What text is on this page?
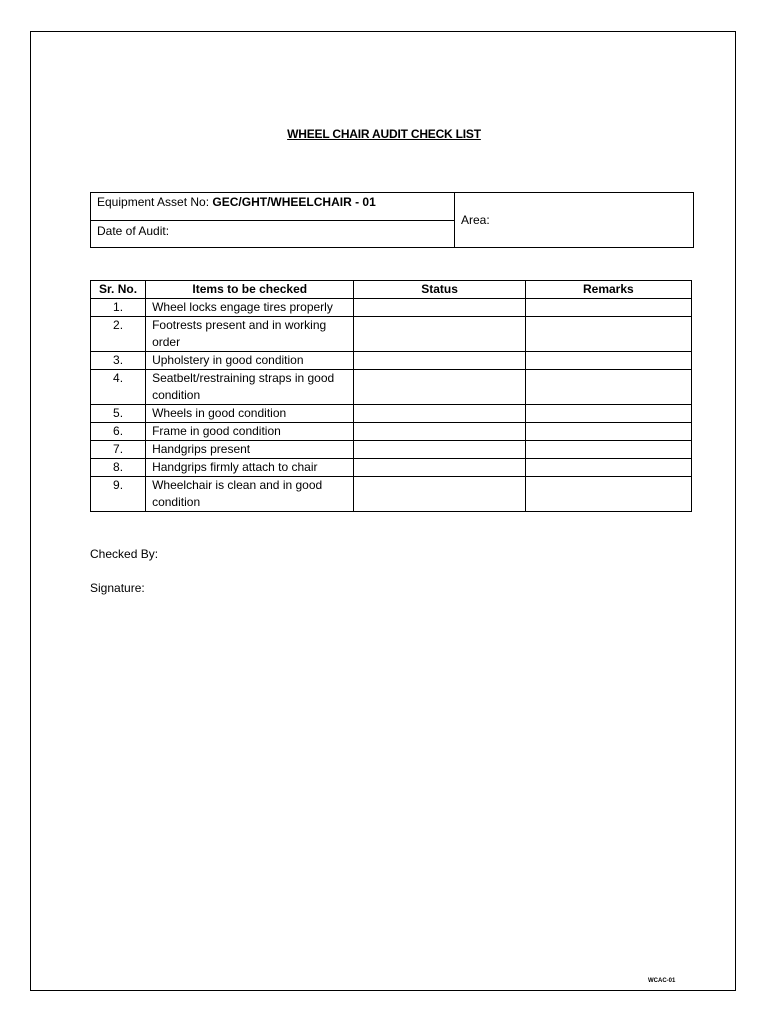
WHEEL CHAIR AUDIT CHECK LIST
Equipment Asset No: GEC/GHT/WHEELCHAIR - 01
Date of Audit:
Area:
Sr. No.	Items to be checked	Status	Remarks
1.	Wheel locks engage tires properly		
2.	Footrests present and in working order		
3.	Upholstery in good condition		
4.	Seatbelt/restraining straps in good condition		
5.	Wheels in good condition		
6.	Frame in good condition		
7.	Handgrips present		
8.	Handgrips firmly attach to chair		
9.	Wheelchair is clean and in good condition		
Checked By:
Signature:
WCAC-01
